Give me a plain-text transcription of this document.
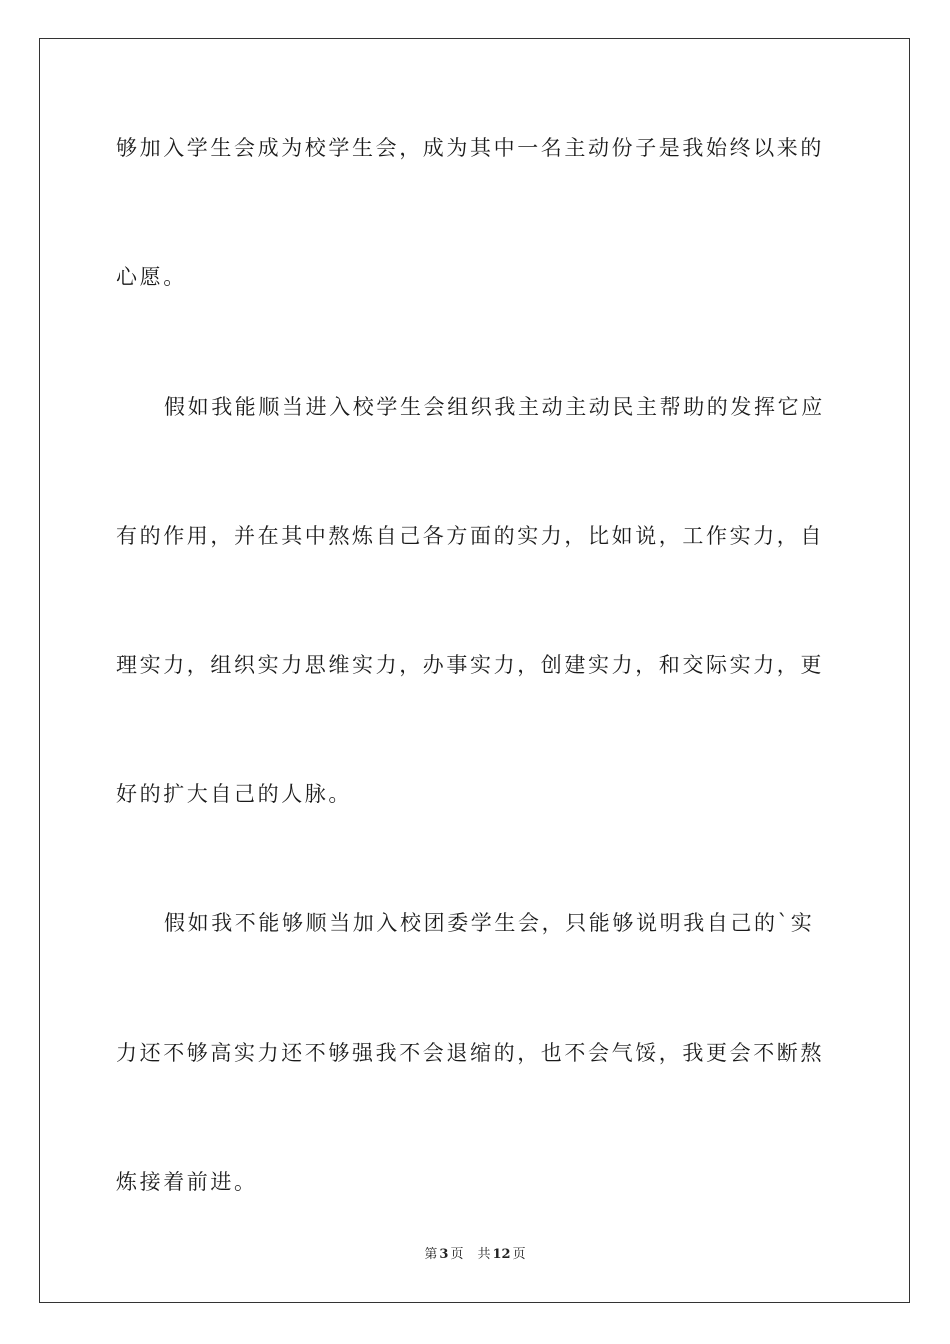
够加入学生会成为校学生会，成为其中一名主动份子是我始终以来的
心愿。
假如我能顺当进入校学生会组织我主动主动民主帮助的发挥它应
有的作用，并在其中熬炼自己各方面的实力，比如说，工作实力，自
理实力，组织实力思维实力，办事实力，创建实力，和交际实力，更
好的扩大自己的人脉。
假如我不能够顺当加入校团委学生会，只能够说明我自己的`实
力还不够高实力还不够强我不会退缩的，也不会气馁，我更会不断熬
炼接着前进。
第 3 页 共 12 页
